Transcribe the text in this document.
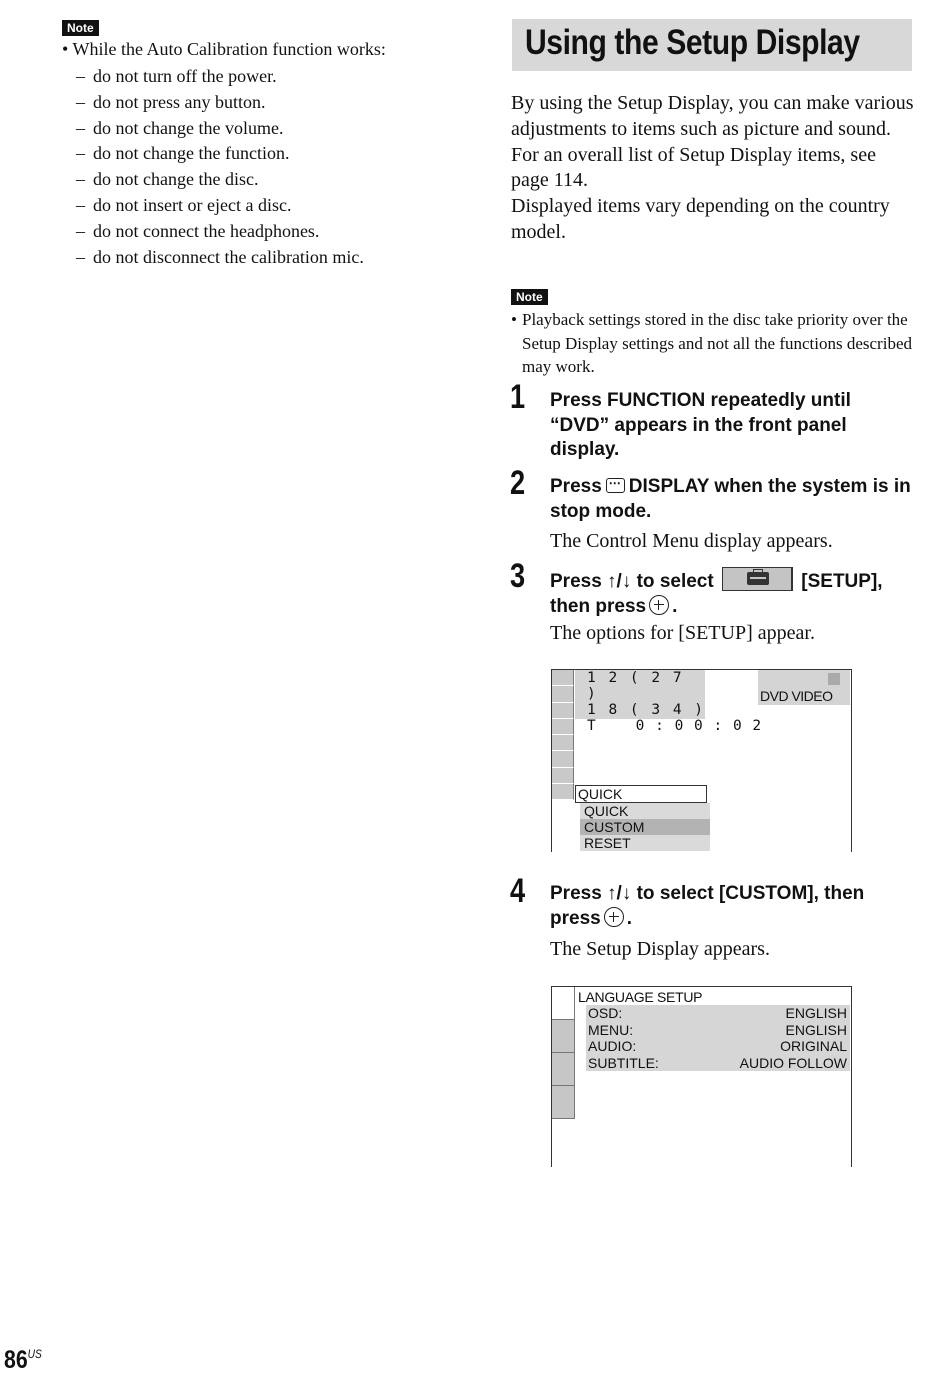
Note
• While the Auto Calibration function works:
– do not turn off the power.
– do not press any button.
– do not change the volume.
– do not change the function.
– do not change the disc.
– do not insert or eject a disc.
– do not connect the headphones.
– do not disconnect the calibration mic.
Using the Setup Display

By using the Setup Display, you can make various adjustments to items such as picture and sound.

For an overall list of Setup Display items, see page 114.

Displayed items vary depending on the country model.

Note
• Playback settings stored in the disc take priority over the Setup Display settings and not all the functions described may work.
1 Press FUNCTION repeatedly until “DVD” appears in the front panel display.
2 Press⋯ DISPLAY when the system is in stop mode.
The Control Menu display appears.
3 Press ↑/↓ to select	[SETUP],
then press .
The options for [SETUP] appear.
1 2 ( 2 7 )
1 8 ( 3 4 )
T    0 : 0 0 : 0 2
DVD VIDEO
QUICK
QUICK
CUSTOM
RESET
4 Press ↑/↓ to select [CUSTOM], then press .
The Setup Display appears.
LANGUAGE SETUP
OSD:	ENGLISH
MENU:	ENGLISH
AUDIO:	ORIGINAL
SUBTITLE:	AUDIO FOLLOW
$86^{US}$
